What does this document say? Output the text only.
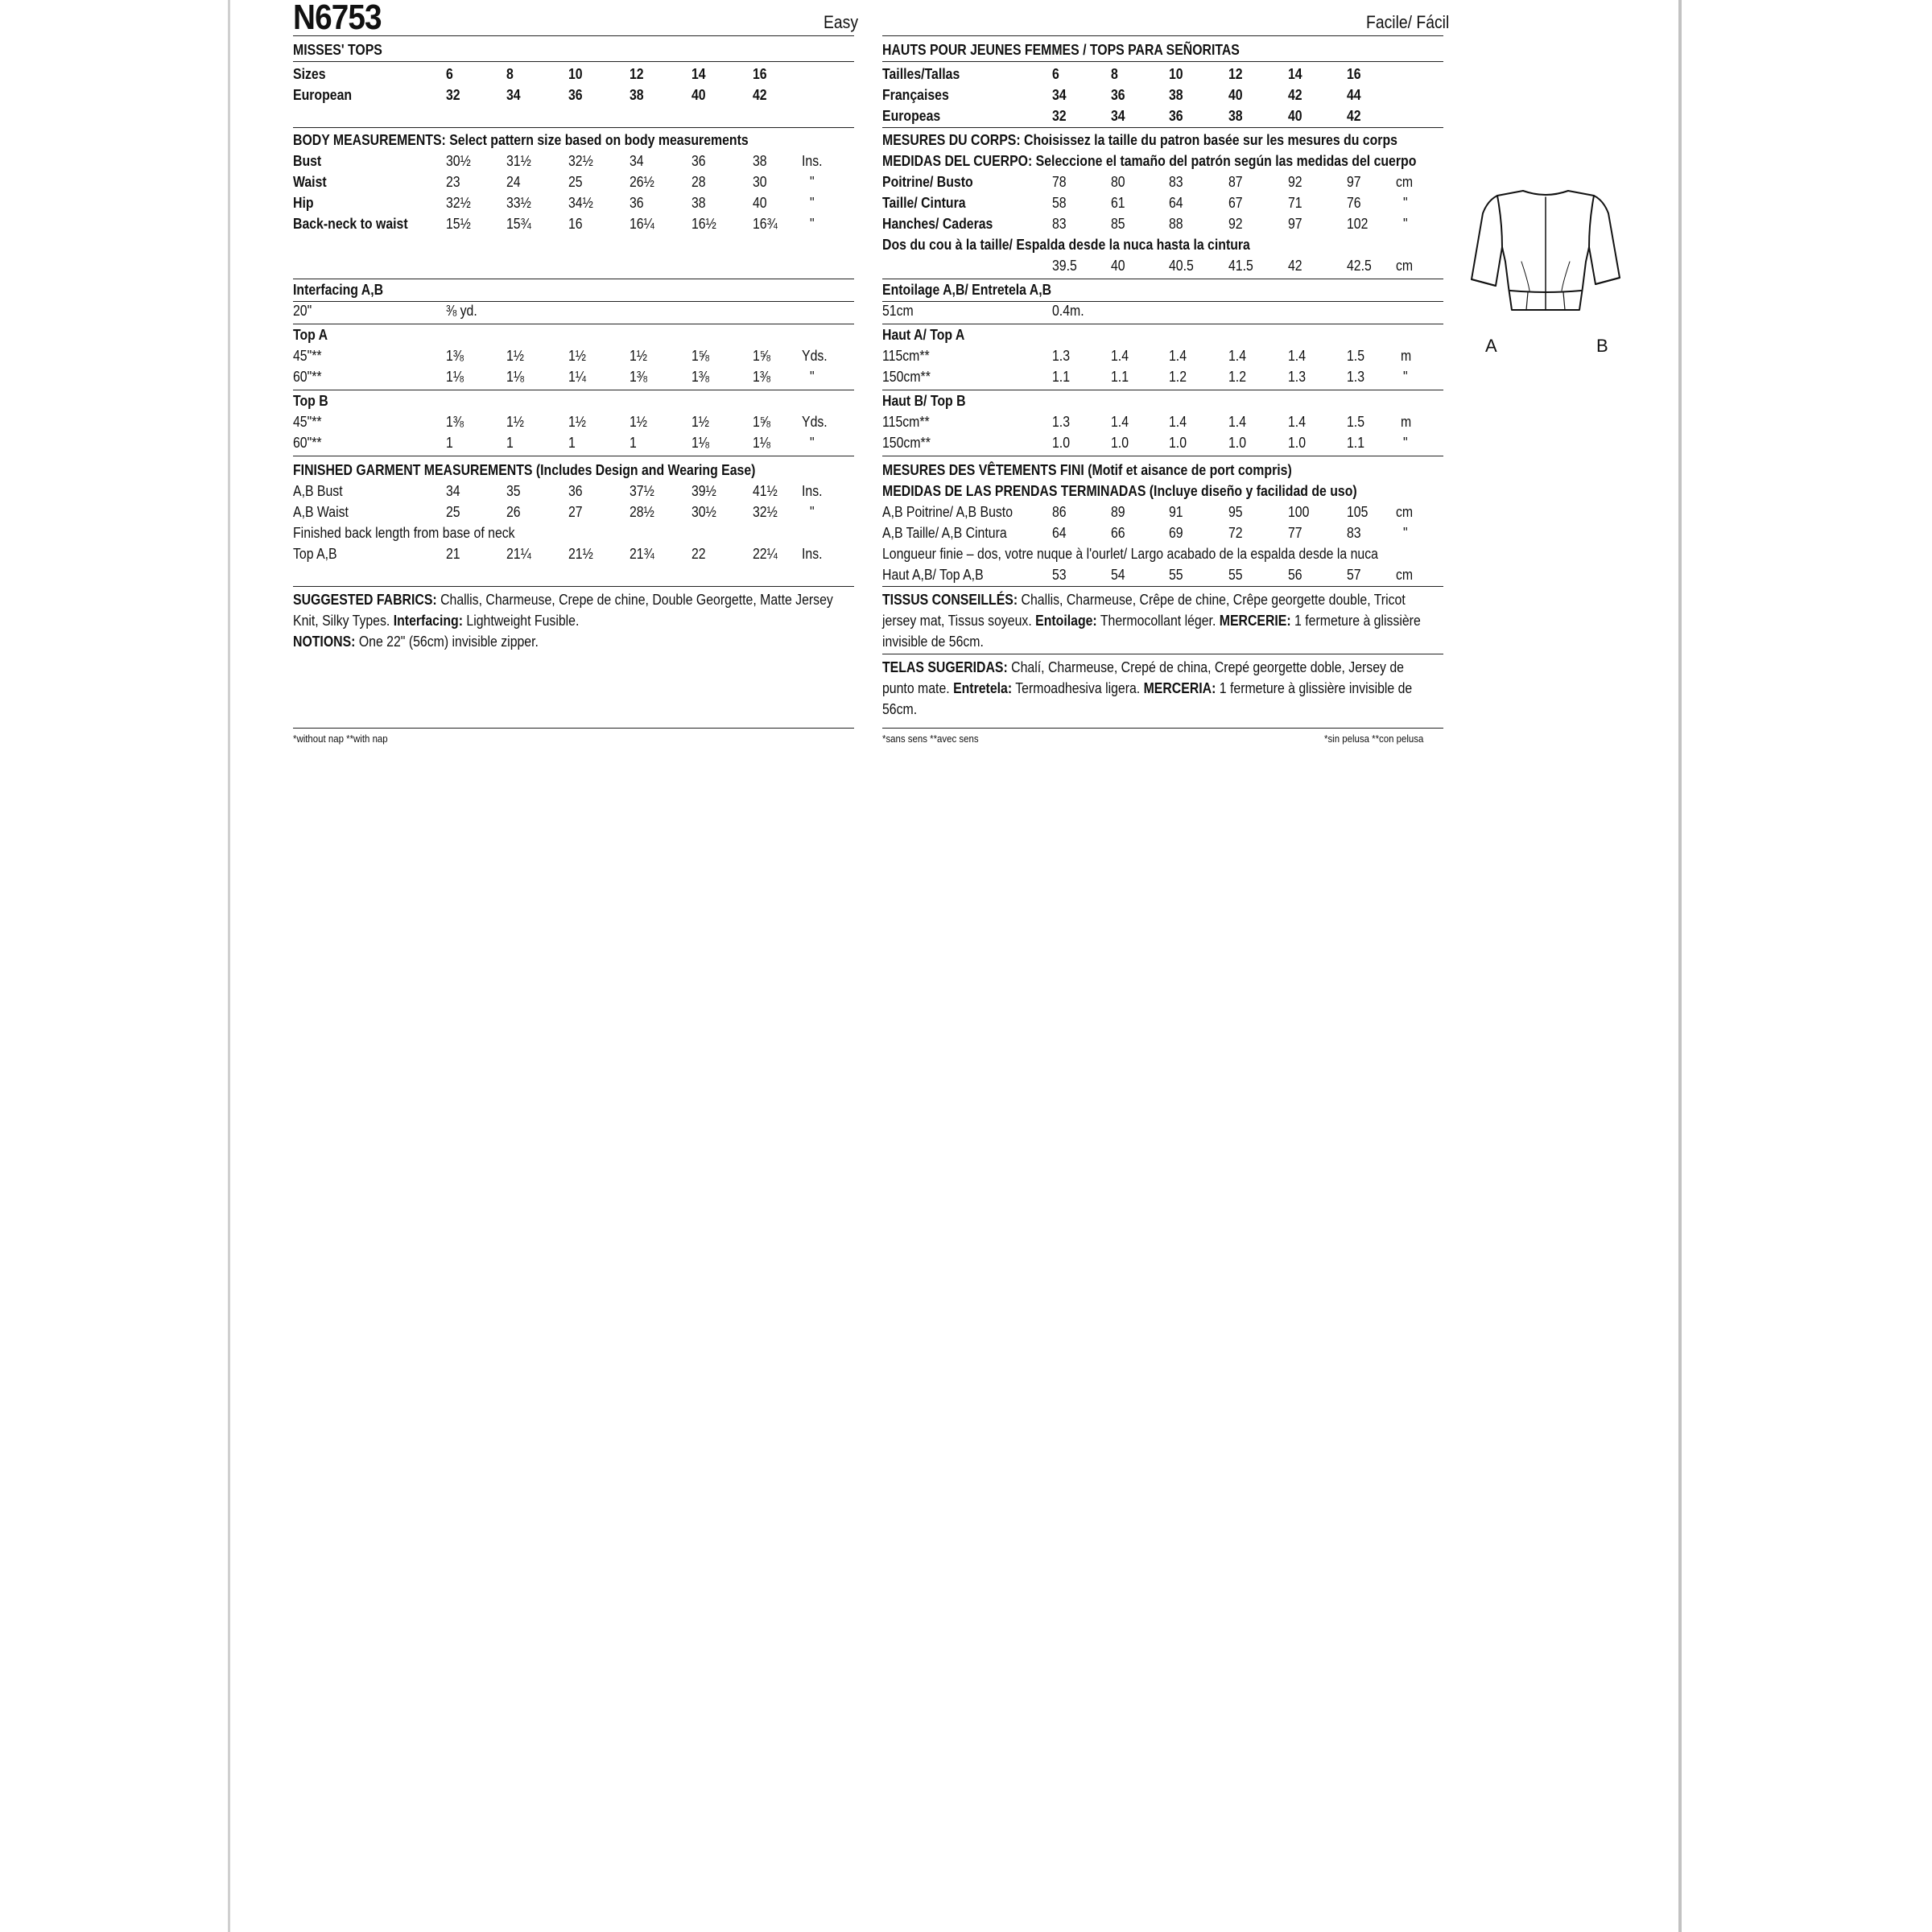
N6753	Easy
MISSES' TOPS
Sizes	6	8	10	12	14	16
European	32	34	36	38	40	42
BODY MEASUREMENTS: Select pattern size based on body measurements
Bust	30½ 31½	32½	34	36	38 Ins.
Waist	23	24	25	26½	28	30	"
Hip	32½ 33½	34½	36	38	40	"
Back-neck to waist	15½ 15¾	16	16¼	16½	16¾ "
Interfacing A,B
20"	⅜ yd.
Top A
45"**	1⅜	1½	1½	1½	1⅝	1⅝ Yds.
60"**	1⅛	1⅛	1¼	1⅜	1⅜	1⅜	"
Top B
45"**	1⅜	1½	1½	1½	1½	1⅝ Yds.
60"**	1	1	1	1	1⅛	1⅛	"
FINISHED GARMENT MEASUREMENTS (Includes Design and Wearing Ease)
A,B Bust	34	35	36	37½	39½	41½ Ins.
A,B Waist	25	26	27	28½	30½	32½ "
Finished back length from base of neck
Top A,B	21	21¼	21½	21¾	22	22¼ Ins.
SUGGESTED FABRICS: Challis, Charmeuse, Crepe de chine, Double Georgette, Matte Jersey Knit, Silky Types. Interfacing: Lightweight Fusible.
NOTIONS: One 22" (56cm) invisible zipper.
*without nap **with nap
Facile/ Fácil
HAUTS POUR JEUNES FEMMES / TOPS PARA SEÑORITAS
Tailles/Tallas	6	8	10	12	14	16
Françaises	34	36	38	40	42	44
Europeas	32	34	36	38	40	42
MESURES DU CORPS: Choisissez la taille du patron basée sur les mesures du corps
MEDIDAS DEL CUERPO: Seleccione el tamaño del patrón según las medidas del cuerpo
Poitrine/ Busto	78	80	83	87	92	97 cm
Taille/ Cintura	58	61	64	67	71	76	"
Hanches/ Caderas	83	85	88	92	97	102 "
Dos du cou à la taille/ Espalda desde la nuca hasta la cintura
39.5 40	40.5 41.5 42	42.5 cm
Entoilage A,B/ Entretela A,B
51cm	0.4m.
Haut A/ Top A
115cm**	1.3	1.4	1.4	1.4	1.4	1.5 m
150cm**	1.1	1.1	1.2	1.2	1.3	1.3	"
Haut B/ Top B
115cm**	1.3	1.4	1.4	1.4	1.4	1.5 m
150cm**	1.0	1.0	1.0	1.0	1.0	1.1	"
MESURES DES VÊTEMENTS FINI (Motif et aisance de port compris)
MEDIDAS DE LAS PRENDAS TERMINADAS (Incluye diseño y facilidad de uso)
A,B Poitrine/ A,B Busto	86	89	91	95	100	105 cm
A,B Taille/ A,B Cintura	64	66	69	72	77	83	"
Longueur finie – dos, votre nuque à l'ourlet/ Largo acabado de la espalda desde la nuca
Haut A,B/ Top A,B	53	54	55	55	56	57 cm
TISSUS CONSEILLÉS: Challis, Charmeuse, Crêpe de chine, Crêpe georgette double, Tricot jersey mat, Tissus soyeux. Entoilage: Thermocollant léger. MERCERIE: 1 fermeture à glissière invisible de 56cm.
TELAS SUGERIDAS: Chalí, Charmeuse, Crepé de china, Crepé georgette doble, Jersey de punto mate. Entretela: Termoadhesiva ligera. MERCERIA: 1 fermeture à glissière invisible de 56cm.
*sans sens **avec sens	*sin pelusa **con pelusa
A	B
